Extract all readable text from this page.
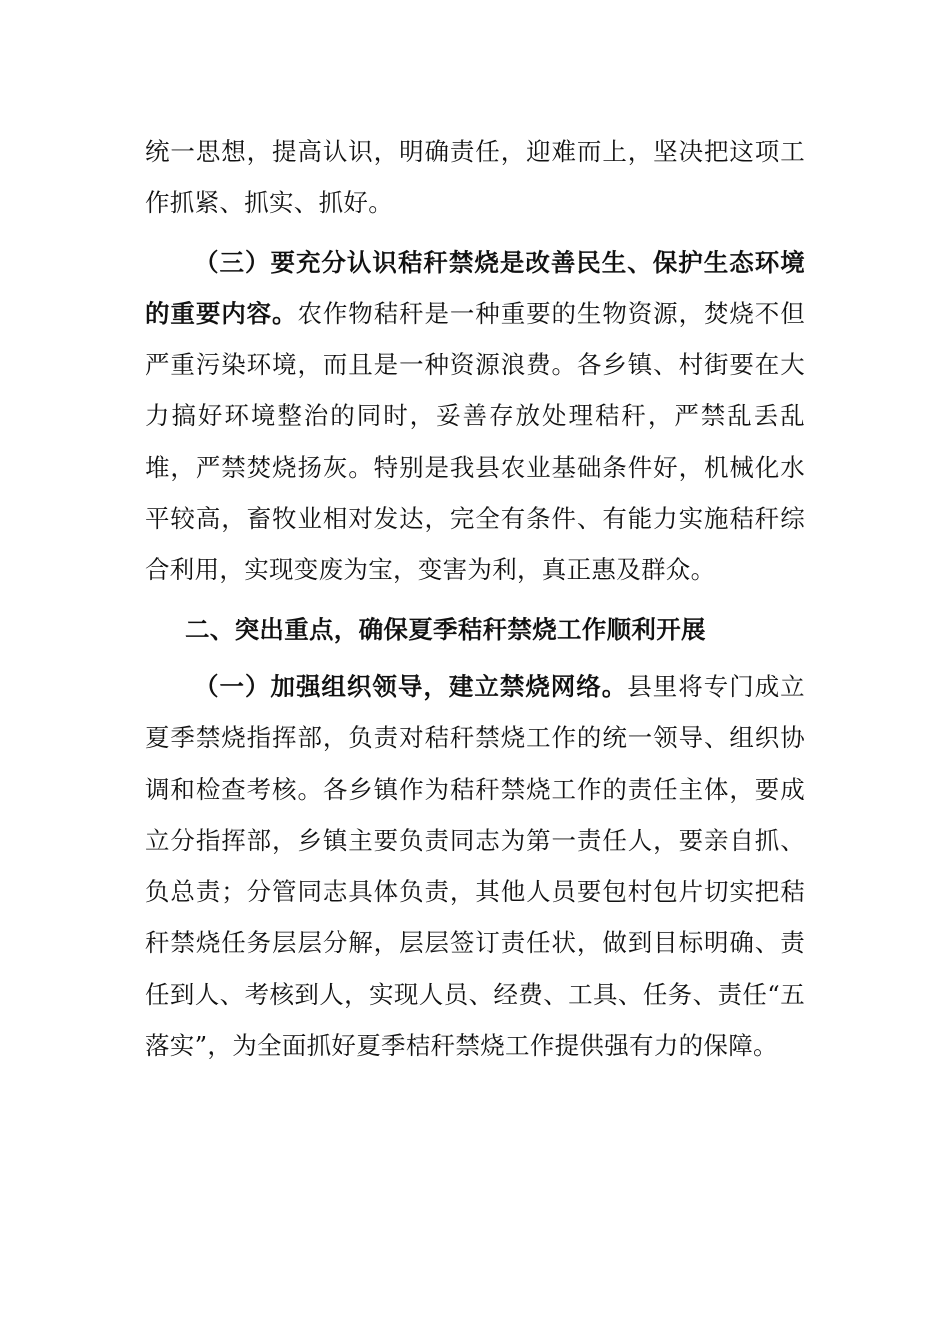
统一思想，提高认识，明确责任，迎难而上，坚决把这项工作抓紧、抓实、抓好。

（三）要充分认识秸秆禁烧是改善民生、保护生态环境的重要内容。农作物秸秆是一种重要的生物资源，焚烧不但严重污染环境，而且是一种资源浪费。各乡镇、村街要在大力搞好环境整治的同时，妥善存放处理秸秆，严禁乱丢乱堆，严禁焚烧扬灰。特别是我县农业基础条件好，机械化水平较高，畜牧业相对发达，完全有条件、有能力实施秸秆综合利用，实现变废为宝，变害为利，真正惠及群众。

二、突出重点，确保夏季秸秆禁烧工作顺利开展

（一）加强组织领导，建立禁烧网络。县里将专门成立夏季禁烧指挥部，负责对秸秆禁烧工作的统一领导、组织协调和检查考核。各乡镇作为秸秆禁烧工作的责任主体，要成立分指挥部，乡镇主要负责同志为第一责任人，要亲自抓、负总责；分管同志具体负责，其他人员要包村包片切实把秸秆禁烧任务层层分解，层层签订责任状，做到目标明确、责任到人、考核到人，实现人员、经费、工具、任务、责任“五落实”，为全面抓好夏季桔秆禁烧工作提供强有力的保障。
